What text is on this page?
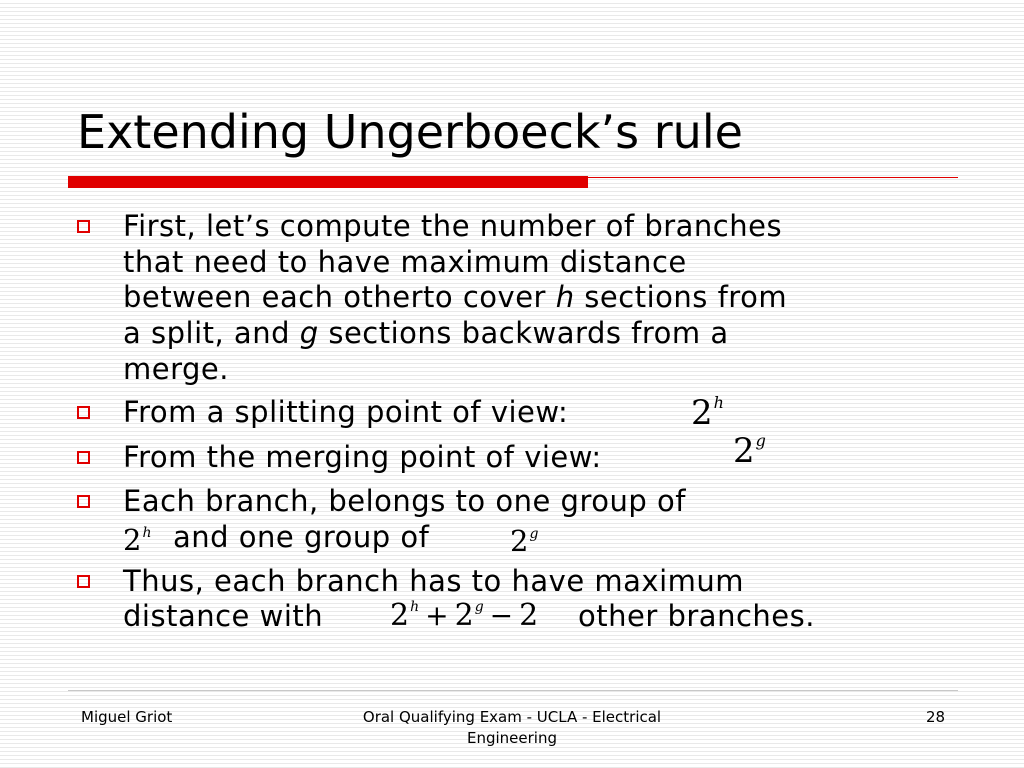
Extending Ungerboeck’s rule
First, let’s compute the number of branches
that need to have maximum distance
between each otherto cover h sections from
a split, and g sections backwards from a
merge.
From a splitting point of view:	2h
From the merging point of view:	2g
Each branch, belongs to one group of
2h and one group of	2g
Thus, each branch has to have maximum
distance with 2h + 2g − 2 other branches.
Miguel Griot	Oral Qualifying Exam - UCLA - Electrical Engineering
28
